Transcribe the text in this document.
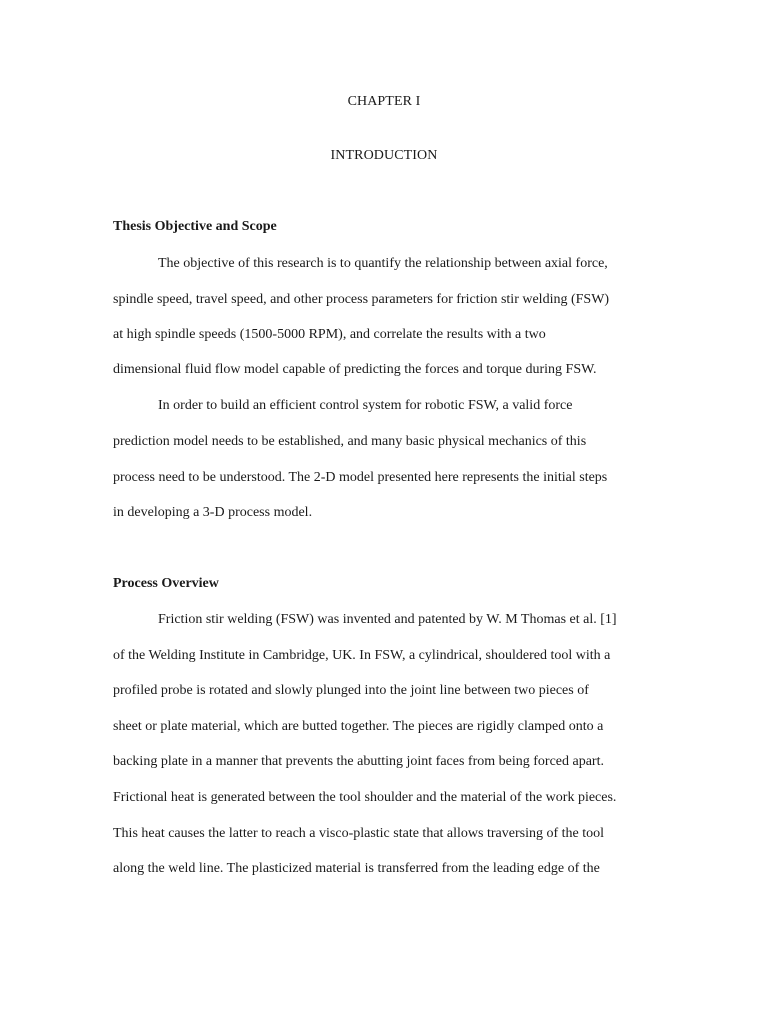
CHAPTER I
INTRODUCTION
Thesis Objective and Scope
The objective of this research is to quantify the relationship between axial force,
spindle speed, travel speed, and other process parameters for friction stir welding (FSW)
at high spindle speeds (1500-5000 RPM), and correlate the results with a two
dimensional fluid flow model capable of predicting the forces and torque during FSW.
In order to build an efficient control system for robotic FSW, a valid force
prediction model needs to be established, and many basic physical mechanics of this
process need to be understood. The 2-D model presented here represents the initial steps
in developing a 3-D process model.
Process Overview
Friction stir welding (FSW) was invented and patented by W. M Thomas et al. [1]
of the Welding Institute in Cambridge, UK. In FSW, a cylindrical, shouldered tool with a
profiled probe is rotated and slowly plunged into the joint line between two pieces of
sheet or plate material, which are butted together. The pieces are rigidly clamped onto a
backing plate in a manner that prevents the abutting joint faces from being forced apart.
Frictional heat is generated between the tool shoulder and the material of the work pieces.
This heat causes the latter to reach a visco-plastic state that allows traversing of the tool
along the weld line. The plasticized material is transferred from the leading edge of the
